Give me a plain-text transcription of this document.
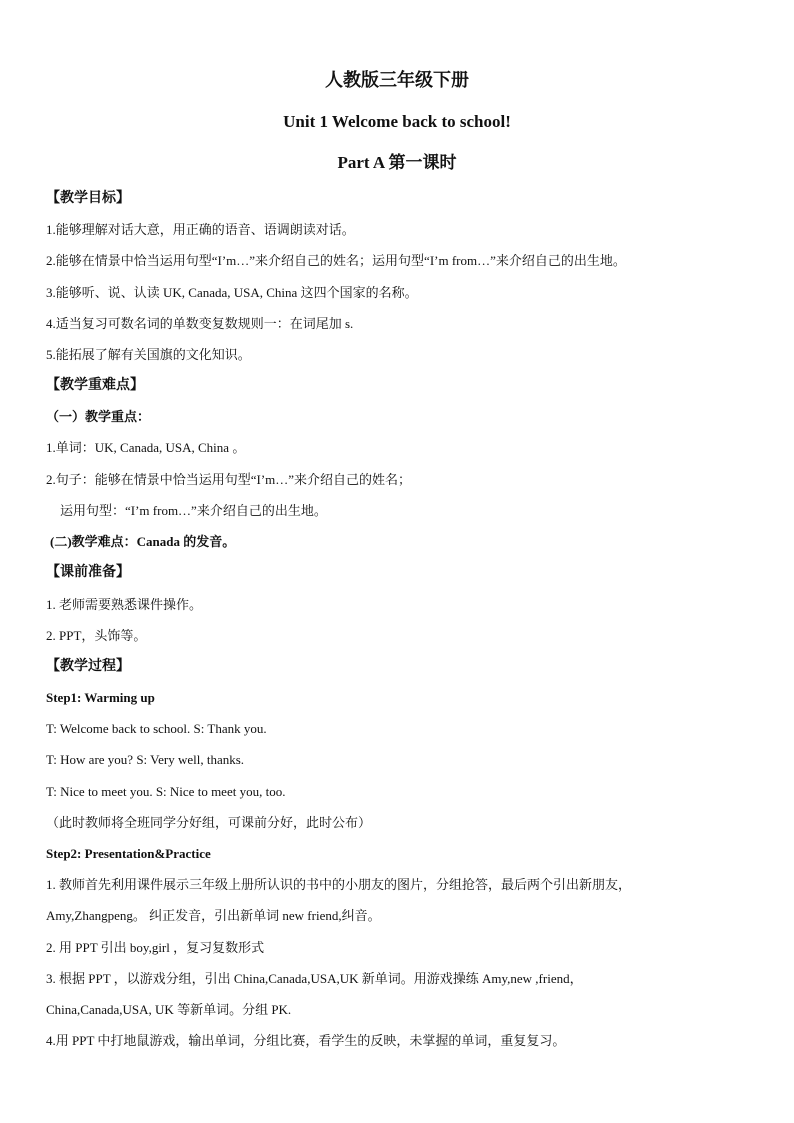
人教版三年级下册
Unit 1 Welcome back to school!
Part A 第一课时
【教学目标】
1.能够理解对话大意，用正确的语音、语调朗读对话。
2.能够在情景中恰当运用句型“I’m…”来介绍自己的姓名；运用句型“I’m from…”来介绍自己的出生地。
3.能够听、说、认读 UK, Canada, USA, China 这四个国家的名称。
4.适当复习可数名词的单数变复数规则一：在词尾加 s.
5.能拓展了解有关国旗的文化知识。
【教学重难点】
（一）教学重点：
1.单词：UK, Canada, USA, China 。
2.句子：能够在情景中恰当运用句型“I’m…”来介绍自己的姓名；
运用句型：“I’m from…”来介绍自己的出生地。
(二)教学难点：Canada 的发音。
【课前准备】
1. 老师需要熟悉课件操作。
2. PPT，头饰等。
【教学过程】
Step1: Warming up
T: Welcome back to school. S: Thank you.
T: How are you? S: Very well, thanks.
T: Nice to meet you. S: Nice to meet you, too.
（此时教师将全班同学分好组，可课前分好，此时公布）
Step2: Presentation&Practice
1. 教师首先利用课件展示三年级上册所认识的书中的小朋友的图片，分组抢答，最后两个引出新朋友，
Amy,Zhangpeng。 纠正发音，引出新单词 new friend,纠音。
2. 用 PPT 引出 boy,girl ，复习复数形式
3. 根据 PPT ，以游戏分组，引出 China,Canada,USA,UK 新单词。用游戏操练 Amy,new ,friend，
China,Canada,USA, UK 等新单词。分组 PK.
4.用 PPT 中打地鼠游戏，输出单词，分组比赛，看学生的反映，未掌握的单词，重复复习。
